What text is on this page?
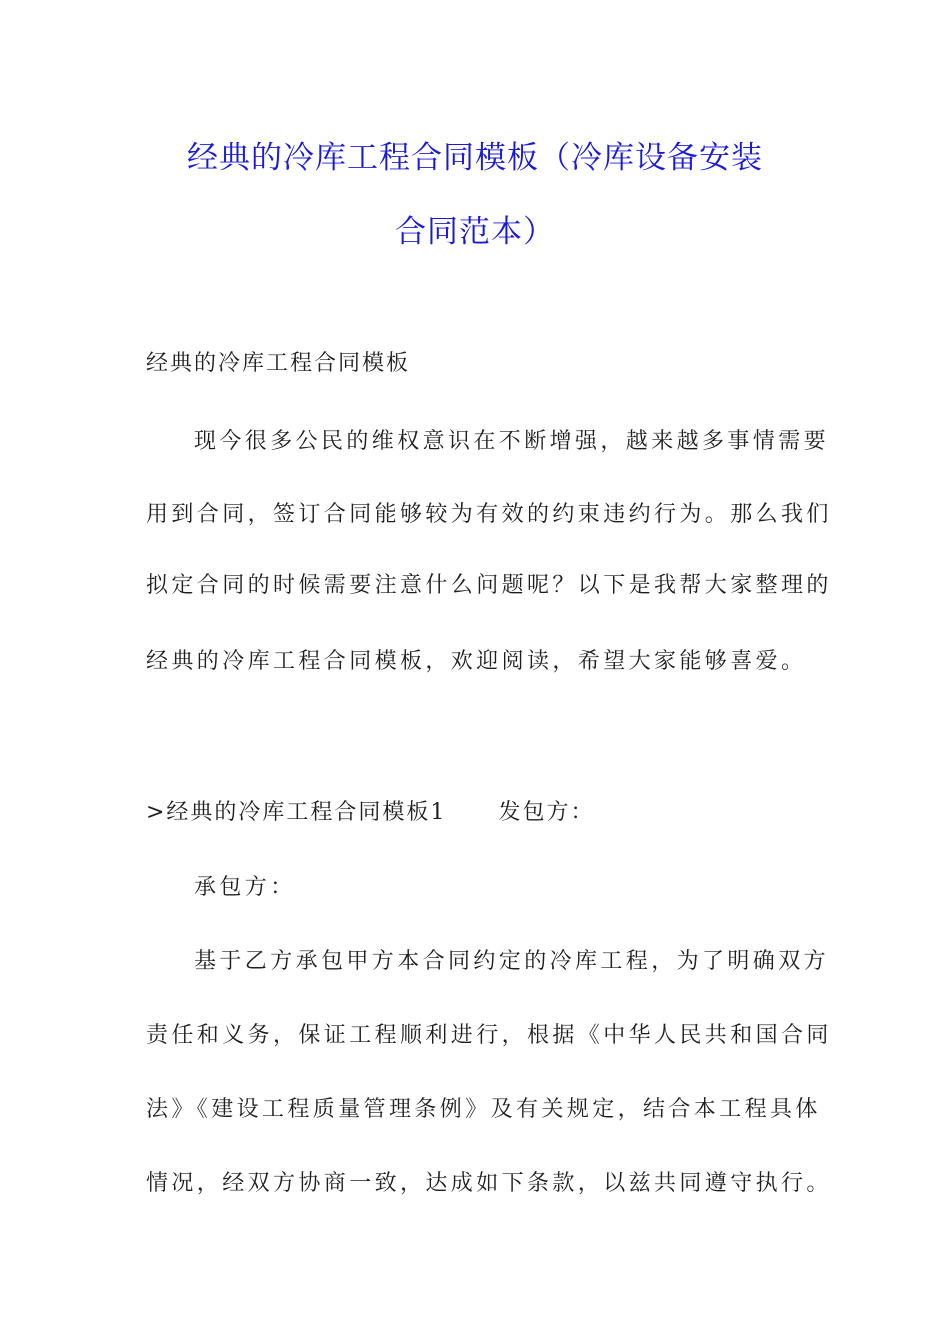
经典的冷库工程合同模板（冷库设备安装
合同范本）

经典的冷库工程合同模板

现今很多公民的维权意识在不断增强，越来越多事情需要

用到合同，签订合同能够较为有效的约束违约行为。那么我们

拟定合同的时候需要注意什么问题呢？以下是我帮大家整理的

经典的冷库工程合同模板，欢迎阅读，希望大家能够喜爱。

>经典的冷库工程合同模板1 发包方：

承包方：

基于乙方承包甲方本合同约定的冷库工程，为了明确双方

责任和义务，保证工程顺利进行，根据《中华人民共和国合同

法》《建设工程质量管理条例》及有关规定，结合本工程具体

情况，经双方协商一致，达成如下条款，以兹共同遵守执行。
